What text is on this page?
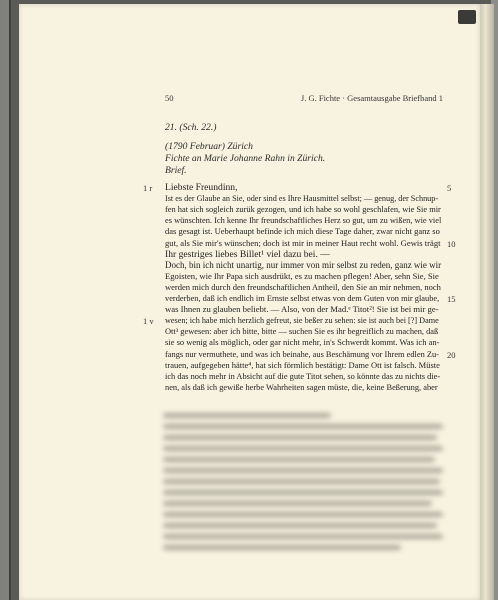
50	J. G. Fichte · Gesamtausgabe Briefband 1
21. (Sch. 22.)
(1790 Februar) Zürich
Fichte an Marie Johanne Rahn in Zürich.
Brief.
Liebste Freundinn,
1 r	5
Ist es der Glaube an Sie, oder sind es Ihre Hausmittel selbst; — genug, der Schnup-
fen hat sich sogleich zurük gezogen, und ich habe so wohl geschlafen, wie Sie mir
es wünschten. Ich kenne Ihr freundschaftliches Herz so gut, um zu wißen, wie viel
das gesagt ist. Ueberhaupt befinde ich mich diese Tage daher, zwar nicht ganz so
gut, als Sie mir's wünschen; doch ist mir in meiner Haut recht wohl. Gewis trägt 10
Ihr gestriges liebes Billet¹ viel dazu bei. —
Doch, bin ich nicht unartig, nur immer von mir selbst zu reden, ganz wie wir
Egoisten, wie Ihr Papa sich ausdrükt, es zu machen pflegen! Aber, sehn Sie, Sie
werden mich durch den freundschaftlichen Antheil, den Sie an mir nehmen, noch
verderben, daß ich endlich im Ernste selbst etwas von dem Guten von mir glaube, 15
was Ihnen zu glauben beliebt. — Also, von der Mad.ᵉ Titot²! Sie ist bei mir ge-
wesen; ich habe mich herzlich gefreut, sie beßer zu sehen: sie ist auch bei [?] Dame
1 v
Ott³ gewesen: aber ich bitte, bitte — suchen Sie es ihr begreiflich zu machen, daß
sie so wenig als möglich, oder gar nicht mehr, in's Schwerdt kommt. Was ich an-
fangs nur vermuthete, und was ich beinahe, aus Beschämung vor Ihrem edlen Zu- 20
trauen, aufgegeben hätte⁴, hat sich förmlich bestätigt: Dame Ott ist falsch. Müste
ich das noch mehr in Absicht auf die gute Titot sehen, so könnte das zu nichts die-
nen, als daß ich gewiße herbe Wahrheiten sagen müste, die, keine Beßerung, aber
